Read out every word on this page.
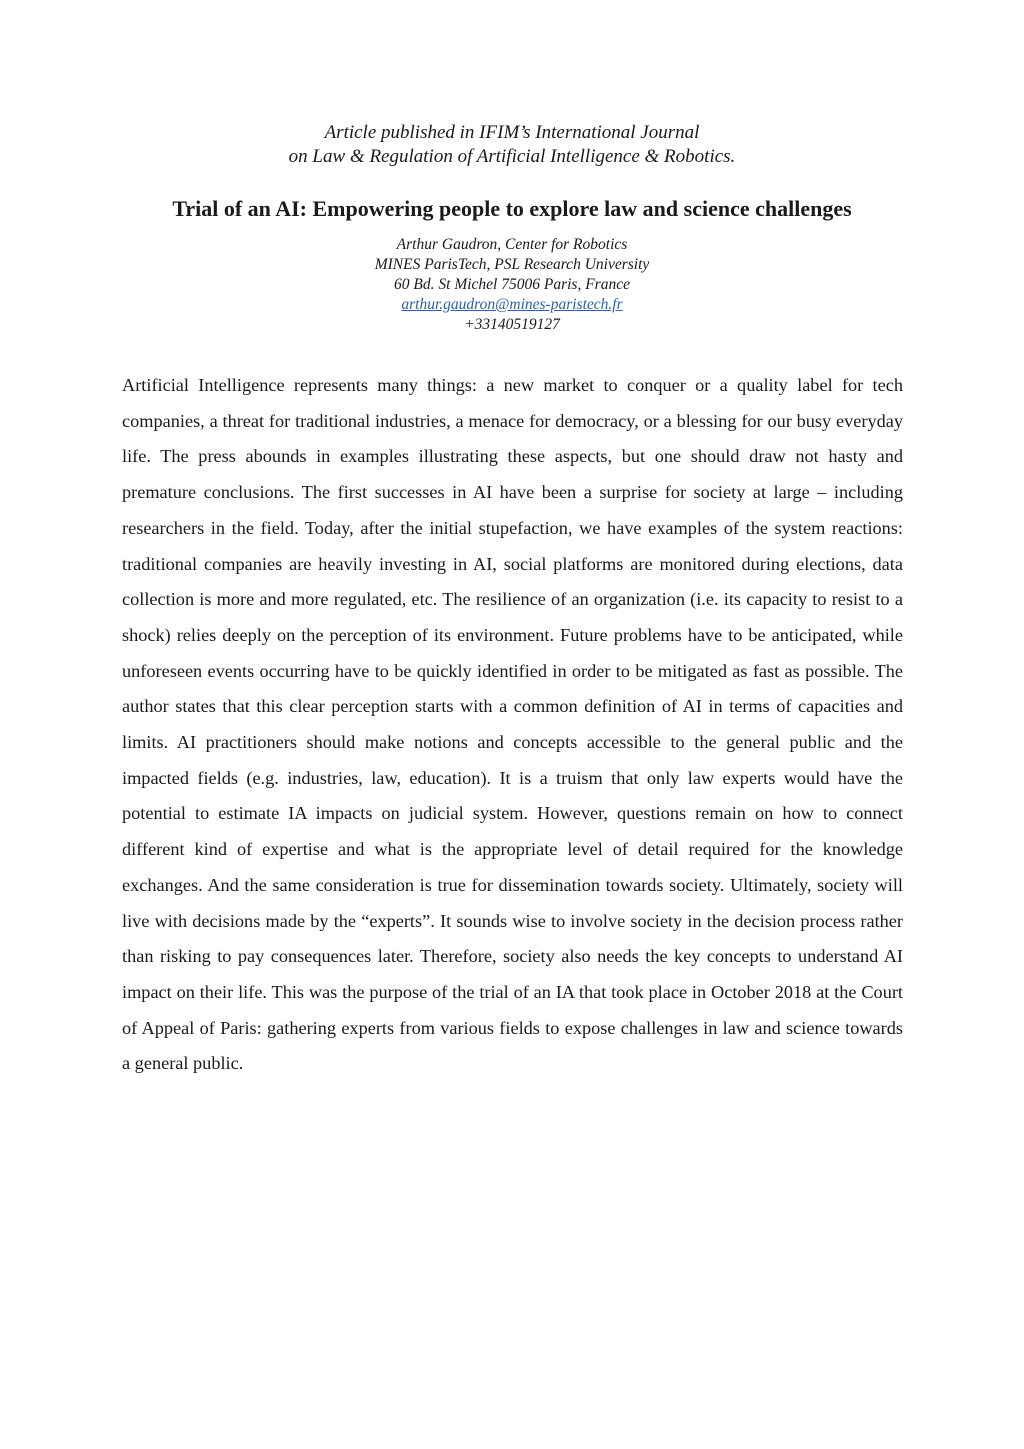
Article published in IFIM’s International Journal
on Law & Regulation of Artificial Intelligence & Robotics.
Trial of an AI: Empowering people to explore law and science challenges
Arthur Gaudron, Center for Robotics
MINES ParisTech, PSL Research University
60 Bd. St Michel 75006 Paris, France
arthur.gaudron@mines-paristech.fr
+33140519127

Artificial Intelligence represents many things: a new market to conquer or a quality label for tech companies, a threat for traditional industries, a menace for democracy, or a blessing for our busy everyday life. The press abounds in examples illustrating these aspects, but one should draw not hasty and premature conclusions. The first successes in AI have been a surprise for society at large – including researchers in the field. Today, after the initial stupefaction, we have examples of the system reactions: traditional companies are heavily investing in AI, social platforms are monitored during elections, data collection is more and more regulated, etc. The resilience of an organization (i.e. its capacity to resist to a shock) relies deeply on the perception of its environment. Future problems have to be anticipated, while unforeseen events occurring have to be quickly identified in order to be mitigated as fast as possible. The author states that this clear perception starts with a common definition of AI in terms of capacities and limits. AI practitioners should make notions and concepts accessible to the general public and the impacted fields (e.g. industries, law, education). It is a truism that only law experts would have the potential to estimate IA impacts on judicial system. However, questions remain on how to connect different kind of expertise and what is the appropriate level of detail required for the knowledge exchanges. And the same consideration is true for dissemination towards society. Ultimately, society will live with decisions made by the “experts”. It sounds wise to involve society in the decision process rather than risking to pay consequences later. Therefore, society also needs the key concepts to understand AI impact on their life. This was the purpose of the trial of an IA that took place in October 2018 at the Court of Appeal of Paris: gathering experts from various fields to expose challenges in law and science towards a general public.
